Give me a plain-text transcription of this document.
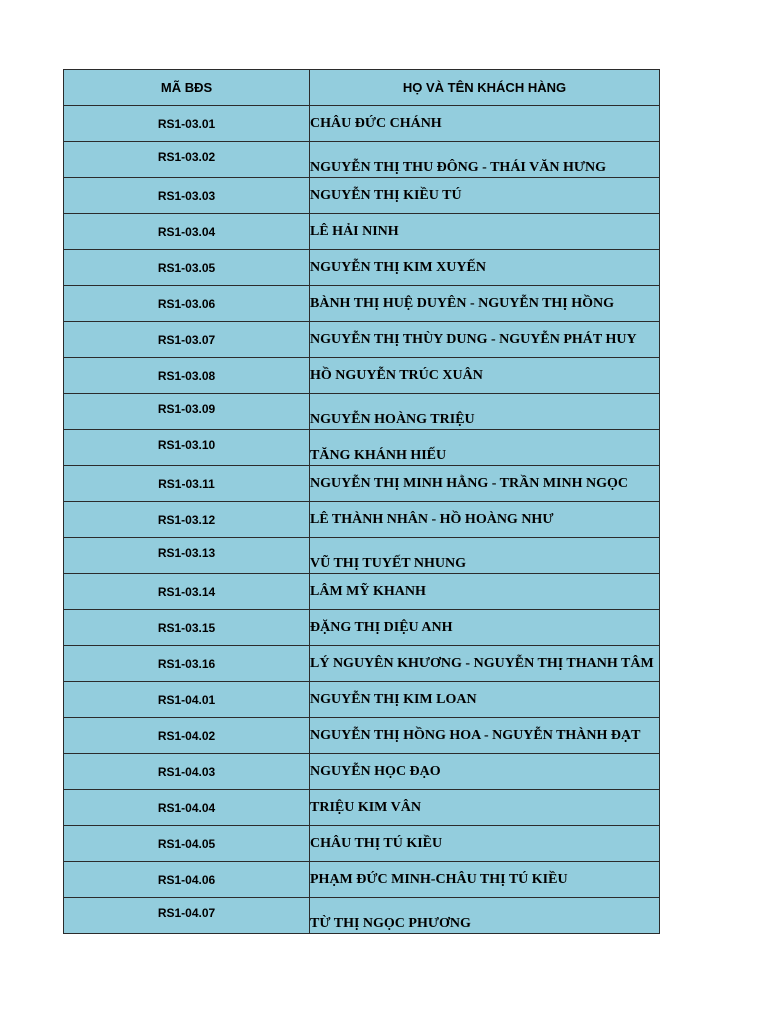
MÃ BĐS	HỌ VÀ TÊN KHÁCH HÀNG
RS1-03.01	CHÂU ĐỨC CHÁNH
RS1-03.02	NGUYỄN THỊ THU ĐÔNG - THÁI VĂN HƯNG
RS1-03.03	NGUYỄN THỊ KIỀU TÚ
RS1-03.04	LÊ HẢI NINH
RS1-03.05	NGUYỄN THỊ KIM XUYẾN
RS1-03.06	BÀNH THỊ HUỆ DUYÊN - NGUYỄN THỊ HỒNG
RS1-03.07	NGUYỄN THỊ THÙY DUNG - NGUYỄN PHÁT HUY
RS1-03.08	HỒ NGUYỄN TRÚC XUÂN
RS1-03.09	NGUYỄN HOÀNG TRIỆU
RS1-03.10	TĂNG KHÁNH HIẾU
RS1-03.11	NGUYỄN THỊ MINH HẰNG - TRẦN MINH NGỌC
RS1-03.12	LÊ THÀNH NHÂN - HỒ HOÀNG NHƯ
RS1-03.13	VŨ THỊ TUYẾT NHUNG
RS1-03.14	LÂM MỸ KHANH
RS1-03.15	ĐẶNG THỊ DIỆU ANH
RS1-03.16	LÝ NGUYÊN KHƯƠNG - NGUYỄN THỊ THANH TÂM
RS1-04.01	NGUYỄN THỊ KIM LOAN
RS1-04.02	NGUYỄN THỊ HỒNG HOA - NGUYỄN THÀNH ĐẠT
RS1-04.03	NGUYỄN HỌC ĐẠO
RS1-04.04	TRIỆU KIM VÂN
RS1-04.05	CHÂU THỊ TÚ KIỀU
RS1-04.06	PHẠM ĐỨC MINH-CHÂU THỊ TÚ KIỀU
RS1-04.07	TỪ THỊ NGỌC PHƯƠNG
